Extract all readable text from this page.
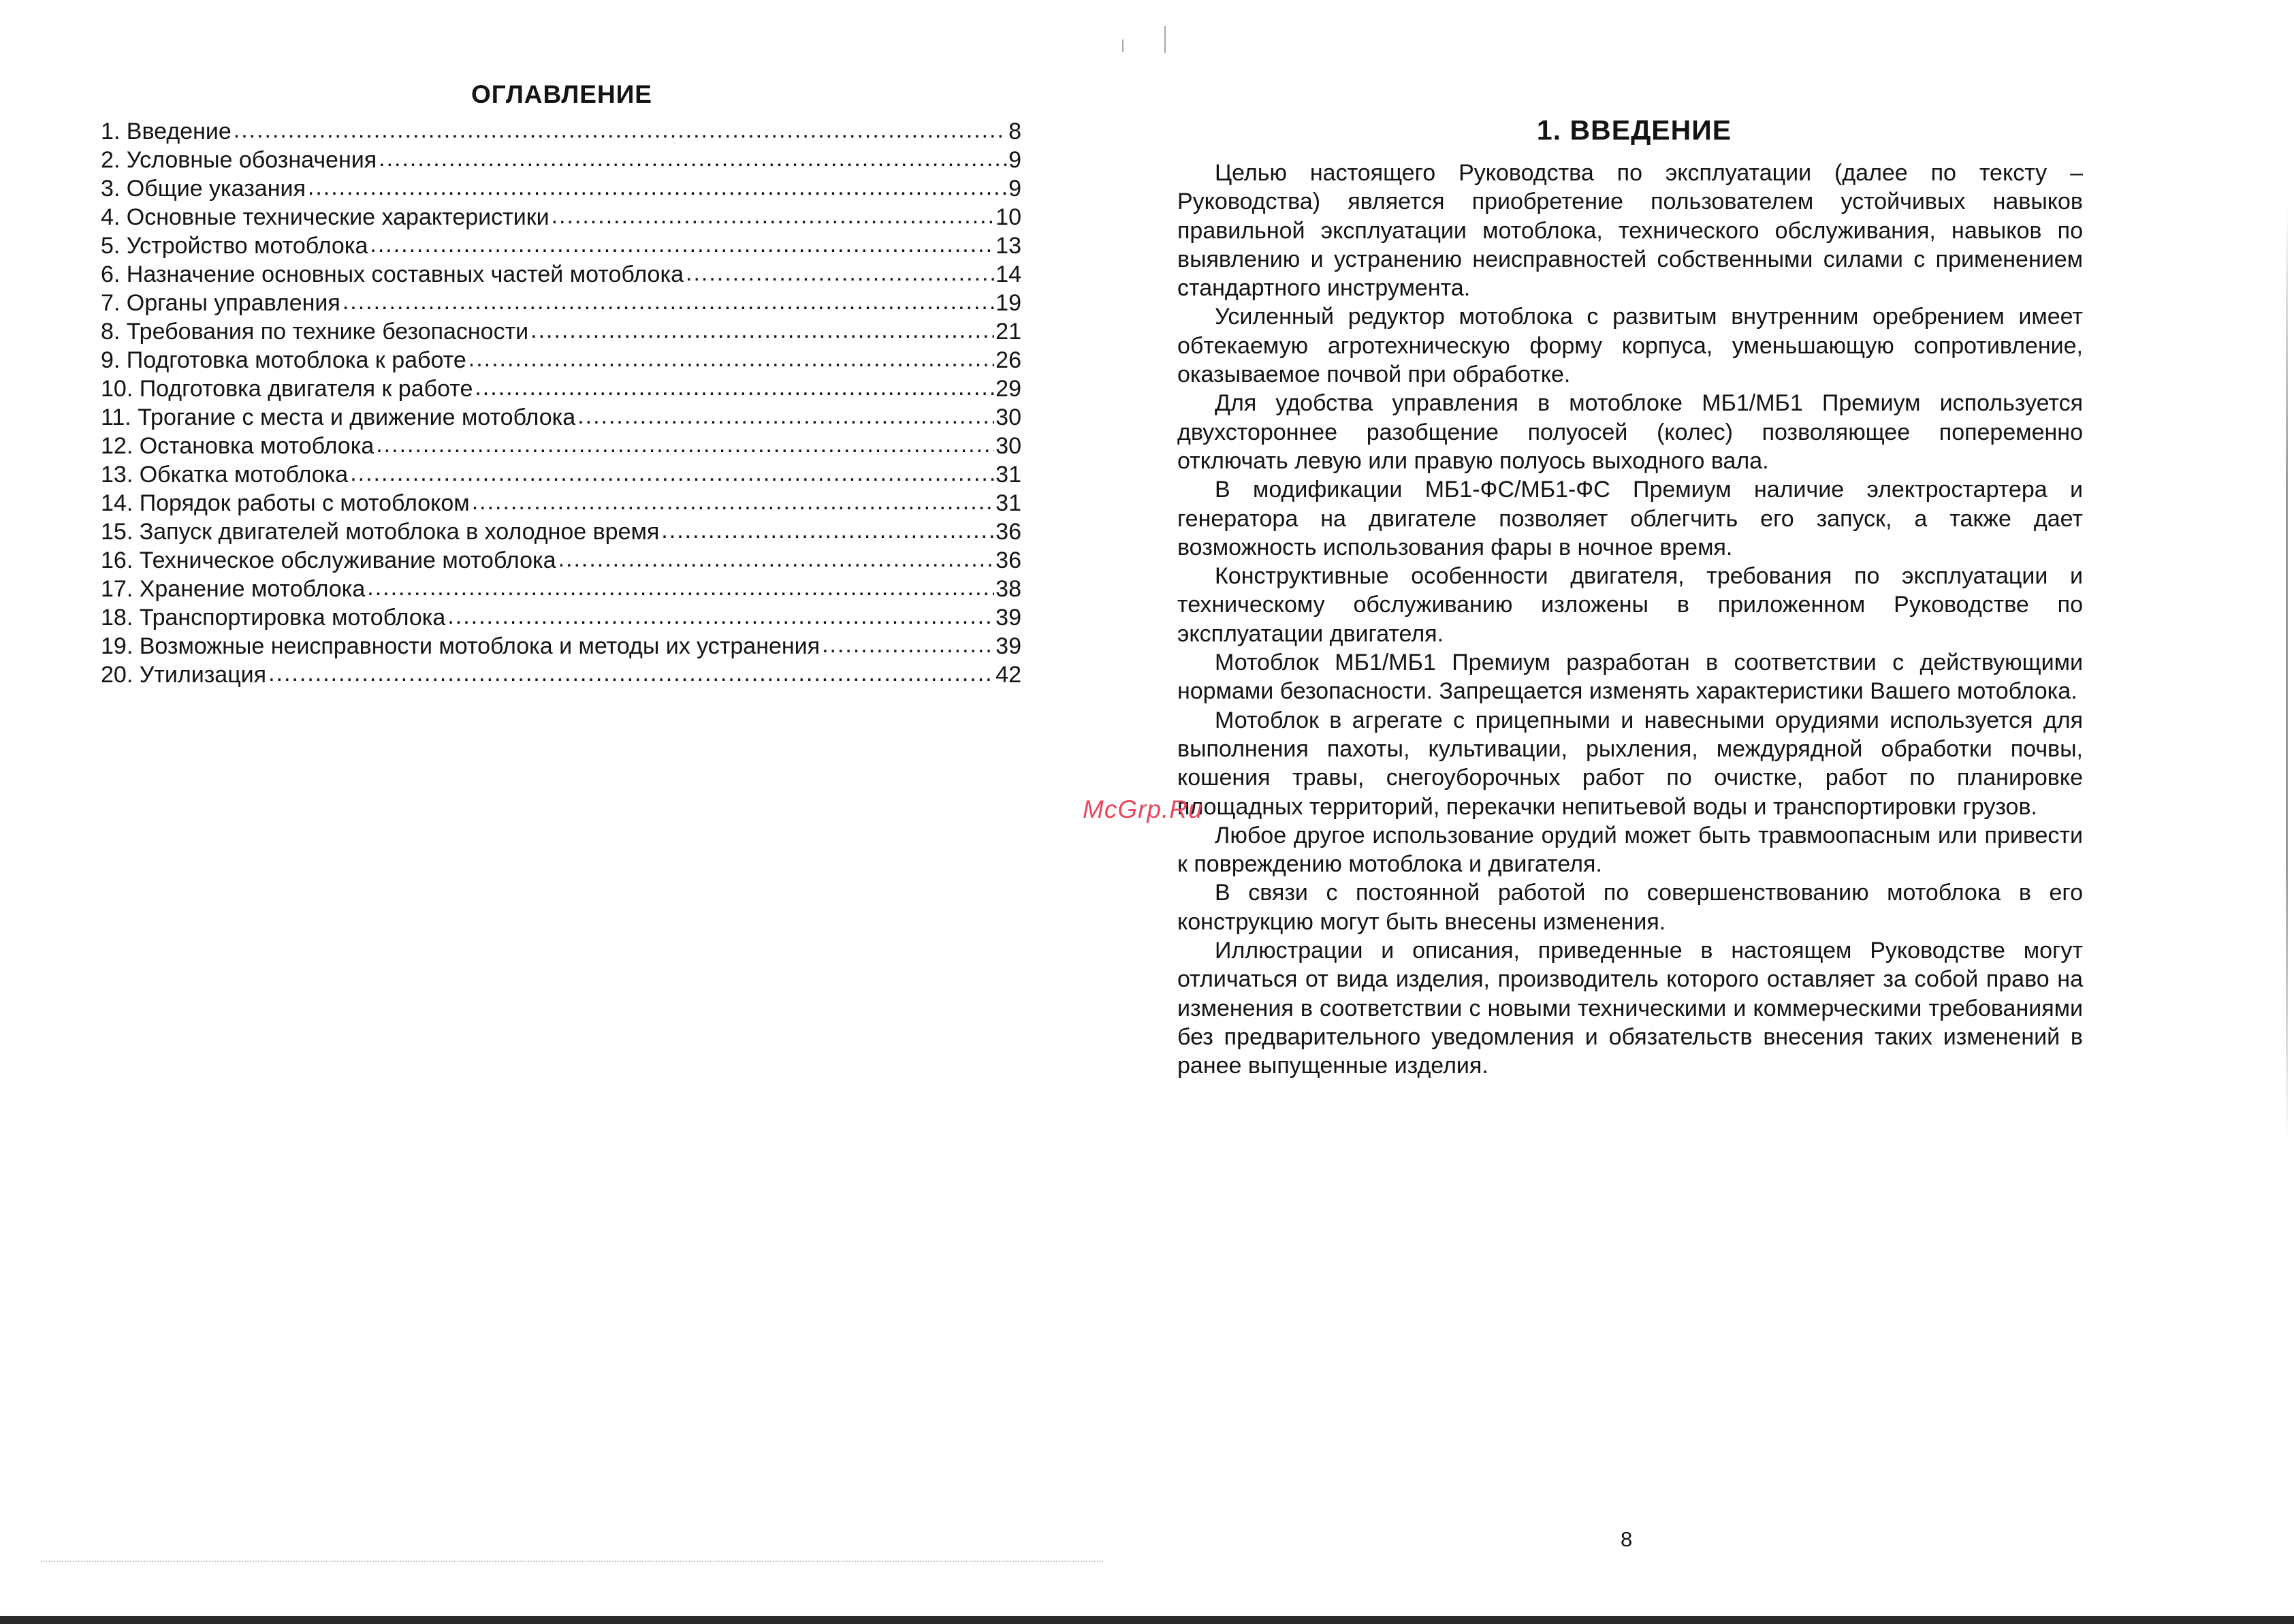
ОГЛАВЛЕНИЕ
1. Введение .....	8
2. Условные обозначения .....	9
3. Общие указания .....	9
4. Основные технические характеристики .....	10
5. Устройство мотоблока .....	13
6. Назначение основных составных частей мотоблока .....	14
7. Органы управления .....	19
8. Требования по технике безопасности .....	21
9. Подготовка мотоблока к работе .....	26
10. Подготовка двигателя к работе .....	29
11. Трогание с места и движение мотоблока .....	30
12. Остановка мотоблока .....	30
13. Обкатка мотоблока .....	31
14. Порядок работы с мотоблоком .....	31
15. Запуск двигателей мотоблока в холодное время .....	36
16. Техническое обслуживание мотоблока .....	36
17. Хранение мотоблока .....	38
18. Транспортировка мотоблока .....	39
19. Возможные неисправности мотоблока и методы их устранения .....	39
20. Утилизация .....	42
1. ВВЕДЕНИЕ

Целью настоящего Руководства по эксплуатации (далее по тексту – Руководства) является приобретение пользователем устойчивых навыков правильной эксплуатации мотоблока, технического обслуживания, навыков по выявлению и устранению неисправностей собственными силами с применением стандартного инструмента.

Усиленный редуктор мотоблока с развитым внутренним оребрением имеет обтекаемую агротехническую форму корпуса, уменьшающую сопротивление, оказываемое почвой при обработке.

Для удобства управления в мотоблоке МБ1/МБ1 Премиум используется двухстороннее разобщение полуосей (колес) позволяющее попеременно отключать левую или правую полуось выходного вала.

В модификации МБ1-ФС/МБ1-ФС Премиум наличие электростартера и генератора на двигателе позволяет облегчить его запуск, а также дает возможность использования фары в ночное время.

Конструктивные особенности двигателя, требования по эксплуатации и техническому обслуживанию изложены в приложенном Руководстве по эксплуатации двигателя.

Мотоблок МБ1/МБ1 Премиум разработан в соответствии с действующими нормами безопасности. Запрещается изменять характеристики Вашего мотоблока.

Мотоблок в агрегате с прицепными и навесными орудиями используется для выполнения пахоты, культивации, рыхления, междурядной обработки почвы, кошения травы, снегоуборочных работ по очистке, работ по планировке площадных территорий, перекачки непитьевой воды и транспортировки грузов.

Любое другое использование орудий может быть травмоопасным или привести к повреждению мотоблока и двигателя.

В связи с постоянной работой по совершенствованию мотоблока в его конструкцию могут быть внесены изменения.

Иллюстрации и описания, приведенные в настоящем Руководстве могут отличаться от вида изделия, производитель которого оставляет за собой право на изменения в соответствии с новыми техническими и коммерческими требованиями без предварительного уведомления и обязательств внесения таких изменений в ранее выпущенные изделия.

8
McGrp.Ru
